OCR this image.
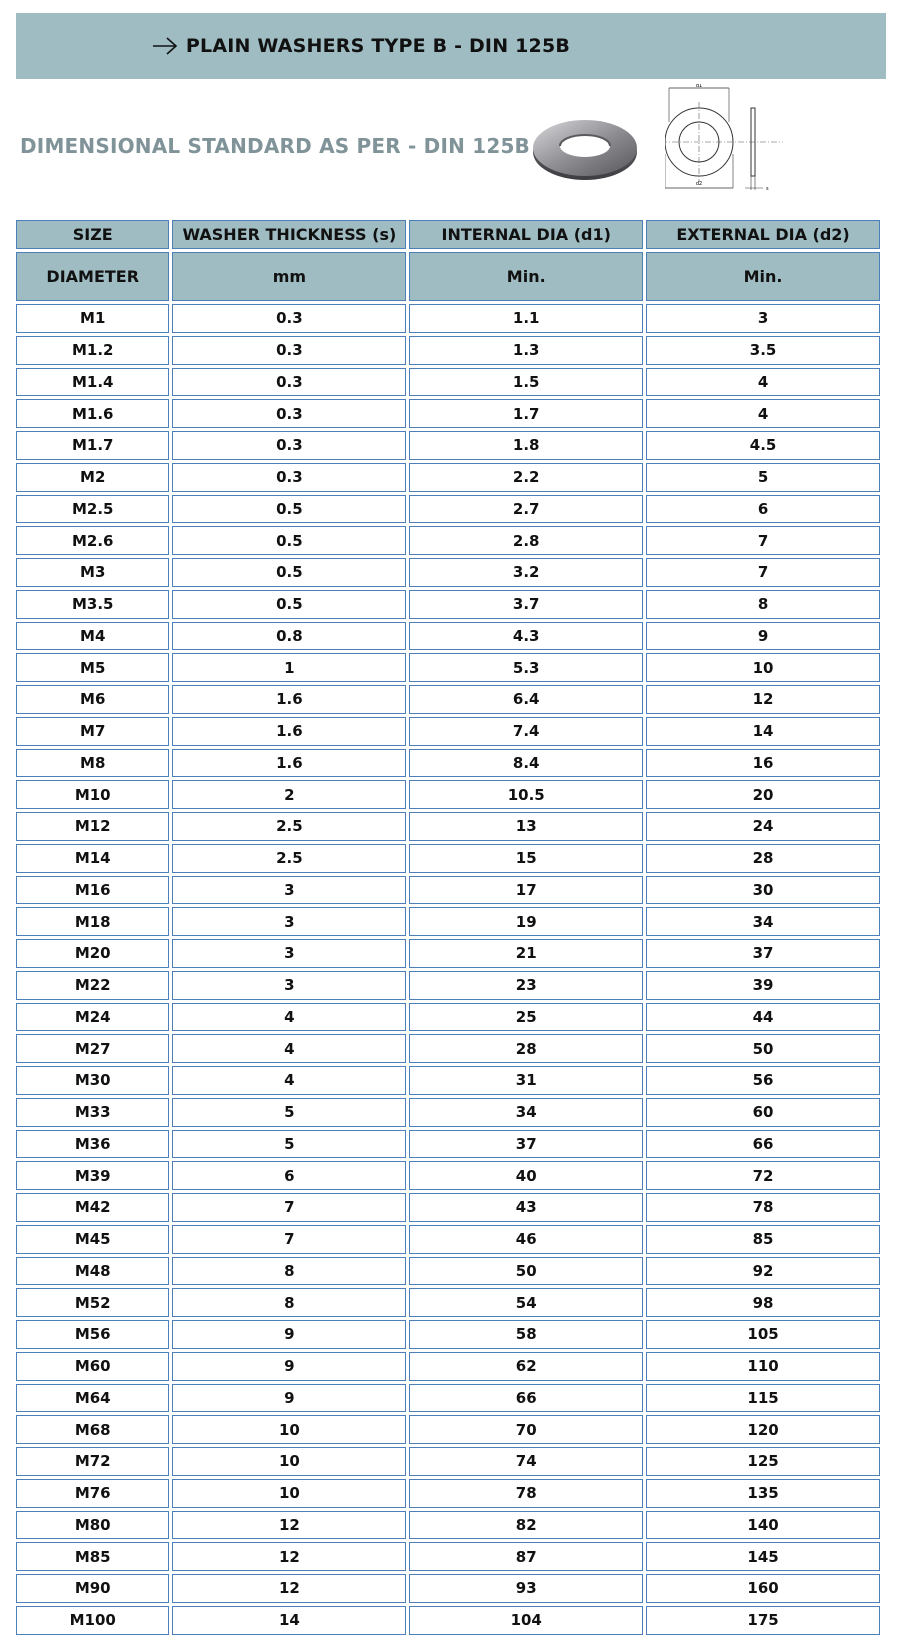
PLAIN WASHERS TYPE B - DIN 125B
DIMENSIONAL STANDARD AS PER - DIN 125B
d1
d2
s
SIZE	WASHER THICKNESS (s)	INTERNAL DIA (d1)	EXTERNAL DIA (d2)
DIAMETER	mm	Min.	Min.
M1	0.3	1.1	3
M1.2	0.3	1.3	3.5
M1.4	0.3	1.5	4
M1.6	0.3	1.7	4
M1.7	0.3	1.8	4.5
M2	0.3	2.2	5
M2.5	0.5	2.7	6
M2.6	0.5	2.8	7
M3	0.5	3.2	7
M3.5	0.5	3.7	8
M4	0.8	4.3	9
M5	1	5.3	10
M6	1.6	6.4	12
M7	1.6	7.4	14
M8	1.6	8.4	16
M10	2	10.5	20
M12	2.5	13	24
M14	2.5	15	28
M16	3	17	30
M18	3	19	34
M20	3	21	37
M22	3	23	39
M24	4	25	44
M27	4	28	50
M30	4	31	56
M33	5	34	60
M36	5	37	66
M39	6	40	72
M42	7	43	78
M45	7	46	85
M48	8	50	92
M52	8	54	98
M56	9	58	105
M60	9	62	110
M64	9	66	115
M68	10	70	120
M72	10	74	125
M76	10	78	135
M80	12	82	140
M85	12	87	145
M90	12	93	160
M100	14	104	175
